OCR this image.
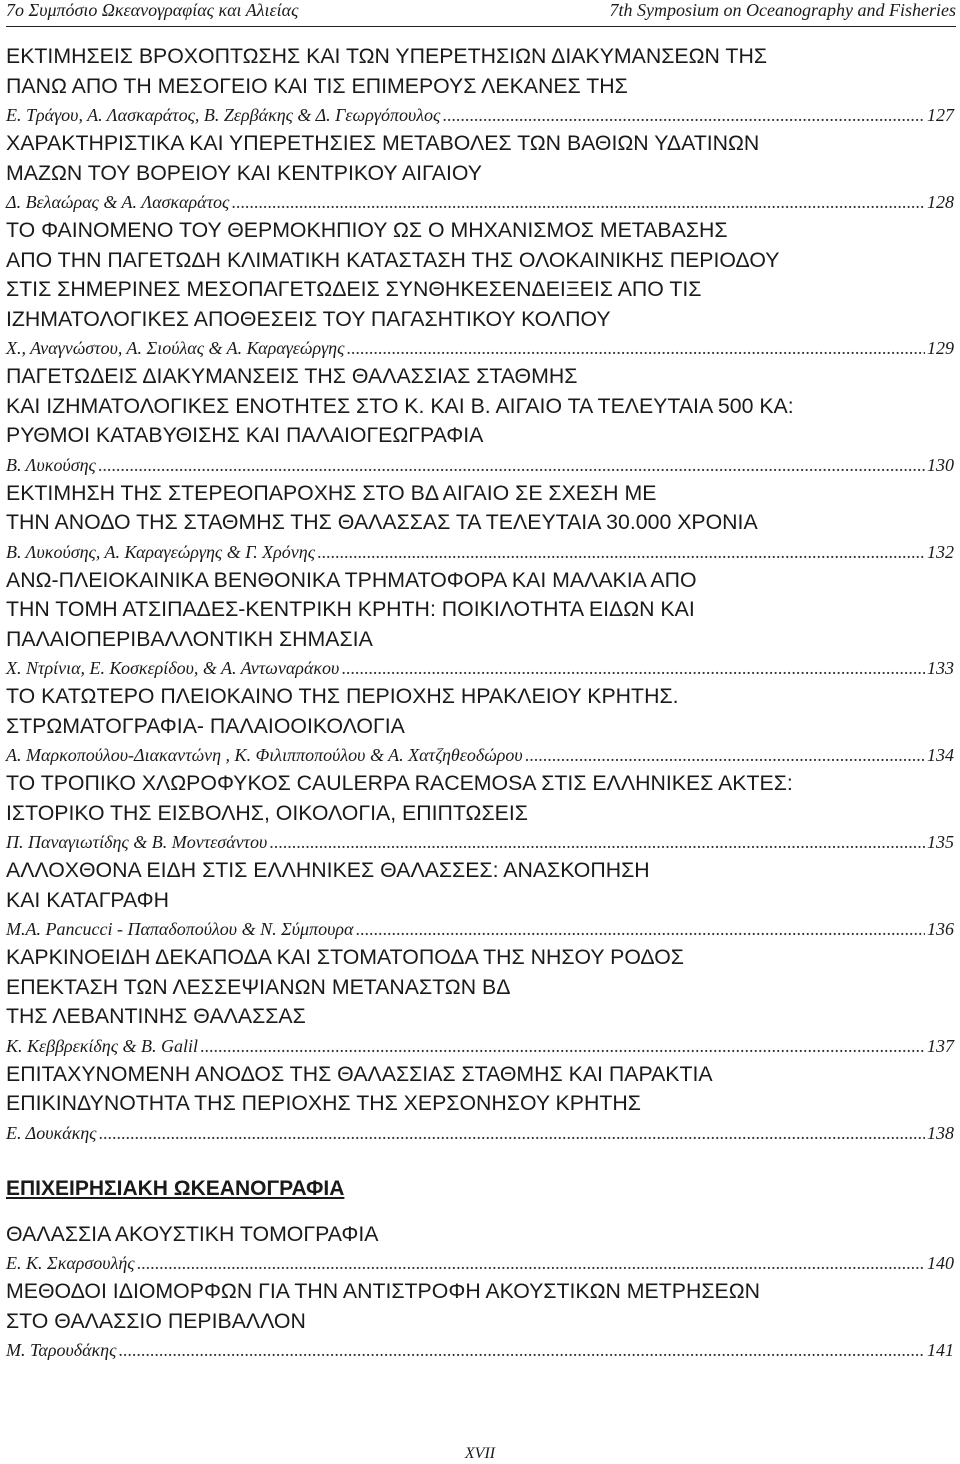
7ο Συμπόσιο Ωκεανογραφίας και Αλιείας	7th Symposium on Oceanography and Fisheries
ΕΚΤΙΜΗΣΕΙΣ ΒΡΟΧΟΠΤΩΣΗΣ ΚΑΙ ΤΩΝ ΥΠΕΡΕΤΗΣΙΩΝ ΔΙΑΚΥΜΑΝΣΕΩΝ ΤΗΣ
ΠΑΝΩ ΑΠΟ ΤΗ ΜΕΣΟΓΕΙΟ ΚΑΙ ΤΙΣ ΕΠΙΜΕΡΟΥΣ ΛΕΚΑΝΕΣ ΤΗΣ
Ε. Τράγου, Α. Λασκαράτος, Β. Ζερβάκης & Δ. Γεωργόπουλος .....	127
ΧΑΡΑΚΤΗΡΙΣΤΙΚΑ ΚΑΙ ΥΠΕΡΕΤΗΣΙΕΣ ΜΕΤΑΒΟΛΕΣ ΤΩΝ ΒΑΘΙΩΝ ΥΔΑΤΙΝΩΝ
ΜΑΖΩΝ ΤΟΥ ΒΟΡΕΙΟΥ ΚΑΙ ΚΕΝΤΡΙΚΟΥ ΑΙΓΑΙΟΥ
Δ. Βελαώρας & Α. Λασκαράτος .....	128
ΤΟ ΦΑΙΝΟΜΕΝΟ ΤΟΥ ΘΕΡΜΟΚΗΠΙΟΥ ΩΣ Ο ΜΗΧΑΝΙΣΜΟΣ ΜΕΤΑΒΑΣΗΣ
ΑΠΟ ΤΗΝ ΠΑΓΕΤΩΔΗ ΚΛΙΜΑΤΙΚΗ ΚΑΤΑΣΤΑΣΗ ΤΗΣ ΟΛΟΚΑΙΝΙΚΗΣ ΠΕΡΙΟΔΟΥ
ΣΤΙΣ ΣΗΜΕΡΙΝΕΣ ΜΕΣΟΠΑΓΕΤΩΔΕΙΣ ΣΥΝΘΗΚΕΣΕΝΔΕΙΞΕΙΣ ΑΠΟ ΤΙΣ
ΙΖΗΜΑΤΟΛΟΓΙΚΕΣ ΑΠΟΘΕΣΕΙΣ ΤΟΥ ΠΑΓΑΣΗΤΙΚΟΥ ΚΟΛΠΟΥ
Χ., Αναγνώστου, Α. Σιούλας & Α. Καραγεώργης .....	129
ΠΑΓΕΤΩΔΕΙΣ ΔΙΑΚΥΜΑΝΣΕΙΣ ΤΗΣ ΘΑΛΑΣΣΙΑΣ ΣΤΑΘΜΗΣ
ΚΑΙ ΙΖΗΜΑΤΟΛΟΓΙΚΕΣ ΕΝΟΤΗΤΕΣ ΣΤΟ Κ. ΚΑΙ Β. ΑΙΓΑΙΟ ΤΑ ΤΕΛΕΥΤΑΙΑ 500 ΚΑ:
ΡΥΘΜΟΙ ΚΑΤΑΒΥΘΙΣΗΣ ΚΑΙ ΠΑΛΑΙΟΓΕΩΓΡΑΦΙΑ
Β. Λυκούσης .....	130
ΕΚΤΙΜΗΣΗ ΤΗΣ ΣΤΕΡΕΟΠΑΡΟΧΗΣ ΣΤΟ ΒΔ ΑΙΓΑΙΟ ΣΕ ΣΧΕΣΗ ΜΕ
ΤΗΝ ΑΝΟΔΟ ΤΗΣ ΣΤΑΘΜΗΣ ΤΗΣ ΘΑΛΑΣΣΑΣ ΤΑ ΤΕΛΕΥΤΑΙΑ 30.000 ΧΡΟΝΙΑ
Β. Λυκούσης, Α. Καραγεώργης & Γ. Χρόνης .....	132
ΑΝΩ-ΠΛΕΙΟΚΑΙΝΙΚΑ ΒΕΝΘΟΝΙΚΑ ΤΡΗΜΑΤΟΦΟΡΑ ΚΑΙ ΜΑΛΑΚΙΑ ΑΠΟ
ΤΗΝ ΤΟΜΗ ΑΤΣΙΠΑΔΕΣ-ΚΕΝΤΡΙΚΗ ΚΡΗΤΗ: ΠΟΙΚΙΛΟΤΗΤΑ ΕΙΔΩΝ ΚΑΙ
ΠΑΛΑΙΟΠΕΡΙΒΑΛΛΟΝΤΙΚΗ ΣΗΜΑΣΙΑ
Χ. Ντρίνια, Ε. Κοσκερίδου, & Α. Αντωναράκου .....	133
ΤΟ ΚΑΤΩΤΕΡΟ ΠΛΕΙΟΚΑΙΝΟ ΤΗΣ ΠΕΡΙΟΧΗΣ ΗΡΑΚΛΕΙΟΥ ΚΡΗΤΗΣ.
ΣΤΡΩΜΑΤΟΓΡΑΦΙΑ- ΠΑΛΑΙΟΟΙΚΟΛΟΓΙΑ
Α. Μαρκοπούλου-Διακαντώνη , Κ. Φιλιπποπούλου & Α. Χατζηθεοδώρου .....	134
ΤΟ ΤΡΟΠΙΚΟ ΧΛΩΡΟΦΥΚΟΣ CAULERPA RACEMOSA ΣΤΙΣ ΕΛΛΗΝΙΚΕΣ ΑΚΤΕΣ:
ΙΣΤΟΡΙΚΟ ΤΗΣ ΕΙΣΒΟΛΗΣ, ΟΙΚΟΛΟΓΙΑ, ΕΠΙΠΤΩΣΕΙΣ
Π. Παναγιωτίδης & Β. Μοντεσάντου .....	135
ΑΛΛΟΧΘΟΝΑ ΕΙΔΗ ΣΤΙΣ ΕΛΛΗΝΙΚΕΣ ΘΑΛΑΣΣΕΣ: ΑΝΑΣΚΟΠΗΣΗ
ΚΑΙ ΚΑΤΑΓΡΑΦΗ
Μ.Α. Pancucci - Παπαδοπούλου & Ν. Σύμπουρα .....	136
ΚΑΡΚΙΝΟΕΙΔΗ ΔΕΚΑΠΟΔΑ ΚΑΙ ΣΤΟΜΑΤΟΠΟΔΑ ΤΗΣ ΝΗΣΟΥ ΡΟΔΟΣ
ΕΠΕΚΤΑΣΗ ΤΩΝ ΛΕΣΣΕΨΙΑΝΩΝ ΜΕΤΑΝΑΣΤΩΝ ΒΔ
ΤΗΣ ΛΕΒΑΝΤΙΝΗΣ ΘΑΛΑΣΣΑΣ
Κ. Κεββρεκίδης & Β. Galil .....	137
ΕΠΙΤΑΧΥΝΟΜΕΝΗ ΑΝΟΔΟΣ ΤΗΣ ΘΑΛΑΣΣΙΑΣ ΣΤΑΘΜΗΣ ΚΑΙ ΠΑΡΑΚΤΙΑ
ΕΠΙΚΙΝΔΥΝΟΤΗΤΑ ΤΗΣ ΠΕΡΙΟΧΗΣ ΤΗΣ ΧΕΡΣΟΝΗΣΟΥ ΚΡΗΤΗΣ
Ε. Δουκάκης .....	138
ΕΠΙΧΕΙΡΗΣΙΑΚΗ ΩΚΕΑΝΟΓΡΑΦΙΑ
ΘΑΛΑΣΣΙΑ ΑΚΟΥΣΤΙΚΗ ΤΟΜΟΓΡΑΦΙΑ
Ε. Κ. Σκαρσουλής .....	140
ΜΕΘΟΔΟΙ ΙΔΙΟΜΟΡΦΩΝ ΓΙΑ ΤΗΝ ΑΝΤΙΣΤΡΟΦΗ ΑΚΟΥΣΤΙΚΩΝ ΜΕΤΡΗΣΕΩΝ
ΣΤΟ ΘΑΛΑΣΣΙΟ ΠΕΡΙΒΑΛΛΟΝ
Μ. Ταρουδάκης .....	141
XVII
